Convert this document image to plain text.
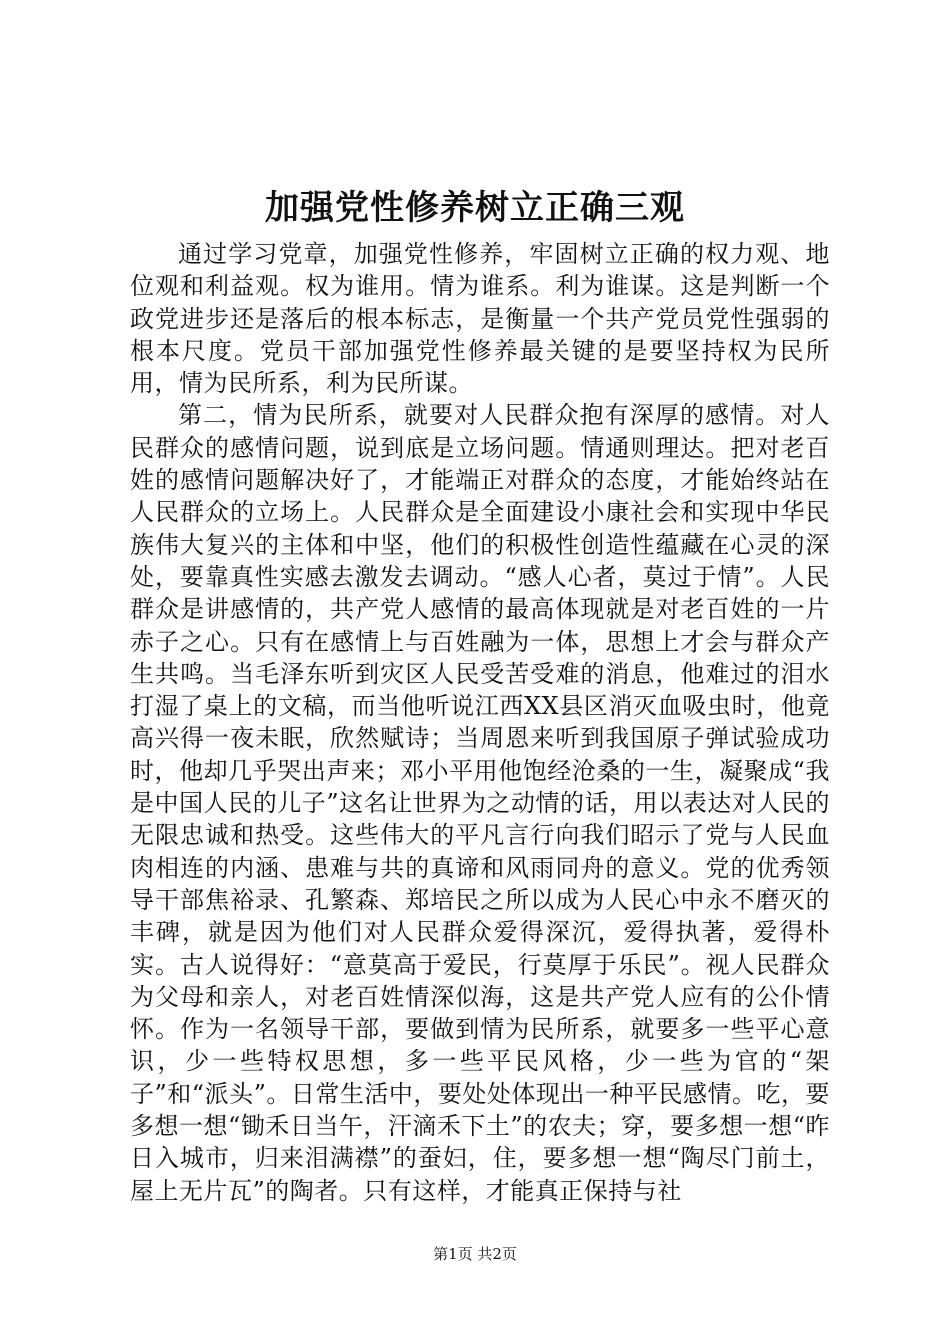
加强党性修养树立正确三观

通过学习党章，加强党性修养，牢固树立正确的权力观、地位观和利益观。权为谁用。情为谁系。利为谁谋。这是判断一个政党进步还是落后的根本标志，是衡量一个共产党员党性强弱的根本尺度。党员干部加强党性修养最关键的是要坚持权为民所用，情为民所系，利为民所谋。

第二，情为民所系，就要对人民群众抱有深厚的感情。对人民群众的感情问题，说到底是立场问题。情通则理达。把对老百姓的感情问题解决好了，才能端正对群众的态度，才能始终站在人民群众的立场上。人民群众是全面建设小康社会和实现中华民族伟大复兴的主体和中坚，他们的积极性创造性蕴藏在心灵的深处，要靠真性实感去激发去调动。“感人心者，莫过于情”。人民群众是讲感情的，共产党人感情的最高体现就是对老百姓的一片赤子之心。只有在感情上与百姓融为一体，思想上才会与群众产生共鸣。当毛泽东听到灾区人民受苦受难的消息，他难过的泪水打湿了桌上的文稿，而当他听说江西XX县区消灭血吸虫时，他竟高兴得一夜未眠，欣然赋诗；当周恩来听到我国原子弹试验成功时，他却几乎哭出声来；邓小平用他饱经沧桑的一生，凝聚成“我是中国人民的儿子”这名让世界为之动情的话，用以表达对人民的无限忠诚和热受。这些伟大的平凡言行向我们昭示了党与人民血肉相连的内涵、患难与共的真谛和风雨同舟的意义。党的优秀领导干部焦裕录、孔繁森、郑培民之所以成为人民心中永不磨灭的丰碑，就是因为他们对人民群众爱得深沉，爱得执著，爱得朴实。古人说得好：“意莫高于爱民，行莫厚于乐民”。视人民群众为父母和亲人，对老百姓情深似海，这是共产党人应有的公仆情怀。作为一名领导干部，要做到情为民所系，就要多一些平心意识，少一些特权思想，多一些平民风格，少一些为官的“架子”和“派头”。日常生活中，要处处体现出一种平民感情。吃，要多想一想“锄禾日当午，汗滴禾下土”的农夫；穿，要多想一想“昨日入城市，归来泪满襟”的蚕妇，住，要多想一想“陶尽门前土，屋上无片瓦”的陶者。只有这样，才能真正保持与社

第1页 共2页
